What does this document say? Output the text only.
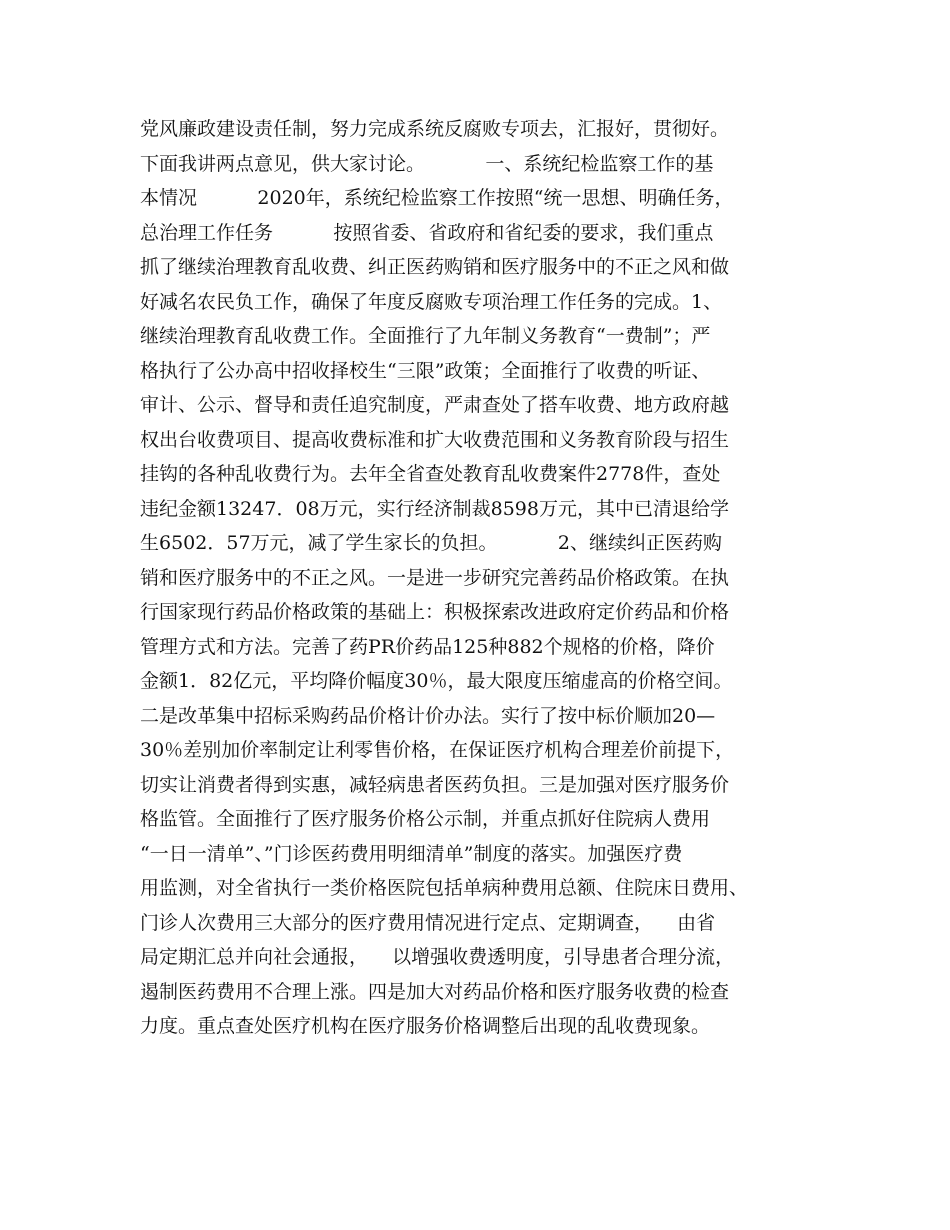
党风廉政建设责任制，努力完成系统反腐败专项去，汇报好，贯彻好。
下面我讲两点意见，供大家讨论。          一、系统纪检监察工作的基
本情况          2020年，系统纪检监察工作按照“统一思想、明确任务，
总治理工作任务          按照省委、省政府和省纪委的要求，我们重点
抓了继续治理教育乱收费、纠正医药购销和医疗服务中的不正之风和做
好减名农民负工作，确保了年度反腐败专项治理工作任务的完成。1、
继续治理教育乱收费工作。全面推行了九年制义务教育“一费制”；严
格执行了公办高中招收择校生“三限”政策；全面推行了收费的听证、
审计、公示、督导和责任追究制度，严肃查处了搭车收费、地方政府越
权出台收费项目、提高收费标准和扩大收费范围和义务教育阶段与招生
挂钩的各种乱收费行为。去年全省查处教育乱收费案件2778件，查处
违纪金额13247．08万元，实行经济制裁8598万元，其中已清退给学
生6502．57万元，减了学生家长的负担。          2、继续纠正医药购
销和医疗服务中的不正之风。一是进一步研究完善药品价格政策。在执
行国家现行药品价格政策的基础上：积极探索改进政府定价药品和价格
管理方式和方法。完善了药PR价药品125种882个规格的价格，降价
金额1．82亿元，平均降价幅度30％，最大限度压缩虚高的价格空间。
二是改革集中招标采购药品价格计价办法。实行了按中标价顺加20—
30％差别加价率制定让利零售价格，在保证医疗机构合理差价前提下，
切实让消费者得到实惠，减轻病患者医药负担。三是加强对医疗服务价
格监管。全面推行了医疗服务价格公示制，并重点抓好住院病人费用
“一日一清单”、”门诊医药费用明细清单”制度的落实。加强医疗费
用监测，对全省执行一类价格医院包括单病种费用总额、住院床日费用、
门诊人次费用三大部分的医疗费用情况进行定点、定期调查，    由省
局定期汇总并向社会通报，    以增强收费透明度，引导患者合理分流，
遏制医药费用不合理上涨。四是加大对药品价格和医疗服务收费的检查
力度。重点查处医疗机构在医疗服务价格调整后出现的乱收费现象。
